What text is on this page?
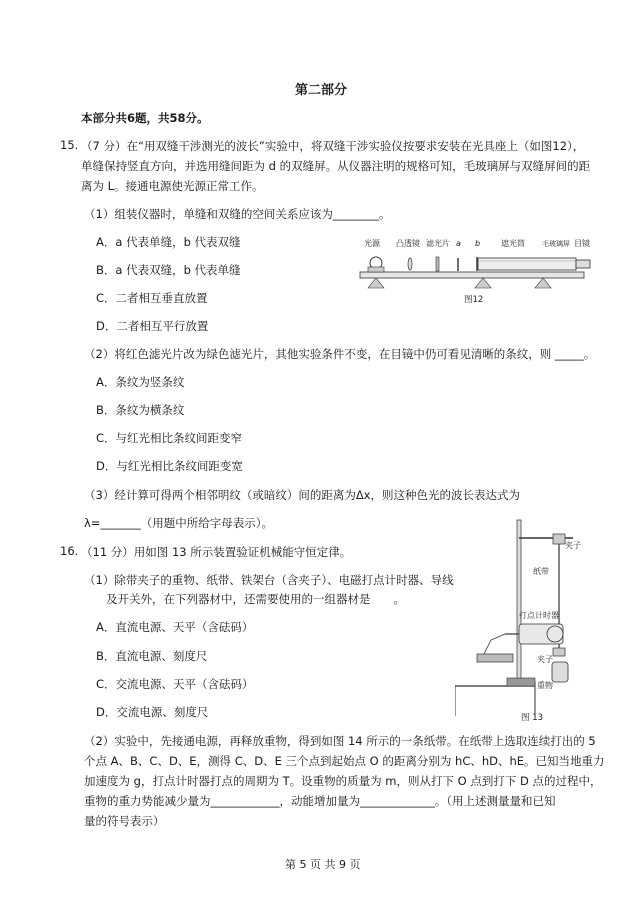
第二部分
本部分共6题，共58分。
15. （7 分）在“用双缝干涉测光的波长”实验中，将双缝干涉实验仪按要求安装在光具座上（如图12），
单缝保持竖直方向，并选用缝间距为 d 的双缝屏。从仪器注明的规格可知，毛玻璃屏与双缝屏间的距
离为 L。接通电源使光源正常工作。
（1）组装仪器时，单缝和双缝的空间关系应该为________。
A．a 代表单缝，b 代表双缝
B．a 代表双缝，b 代表单缝
C．二者相互垂直放置
D．二者相互平行放置
光源 凸透镜 滤光片 a b	遮光筒 毛玻璃屏 目镜
图12
（2）将红色滤光片改为绿色滤光片，其他实验条件不变，在目镜中仍可看见清晰的条纹，则 _____。
A．条纹为竖条纹
B．条纹为横条纹
C．与红光相比条纹间距变窄
D．与红光相比条纹间距变宽
（3）经计算可得两个相邻明纹（或暗纹）间的距离为Δx，则这种色光的波长表达式为
λ=_______（用题中所给字母表示）。
16. （11 分）用如图 13 所示装置验证机械能守恒定律。
（1）除带夹子的重物、纸带、铁架台（含夹子）、电磁打点计时器、导线
及开关外，在下列器材中，还需要使用的一组器材是　　。
A．直流电源、天平（含砝码）
B．直流电源、刻度尺
C．交流电源、天平（含砝码）
D．交流电源、刻度尺
夹子
纸带
打点计时器
夹子
重物
图 13
（2）实验中，先接通电源，再释放重物，得到如图 14 所示的一条纸带。在纸带上选取连续打出的 5
个点 A、B、C、D、E，测得 C、D、E 三个点到起始点 O 的距离分别为 hC、hD、hE。已知当地重力
加速度为 g，打点计时器打点的周期为 T。设重物的质量为 m，则从打下 O 点到打下 D 点的过程中，
重物的重力势能减少量为____________，动能增加量为_____________。（用上述测量量和已知
量的符号表示）
第 5 页 共 9 页
